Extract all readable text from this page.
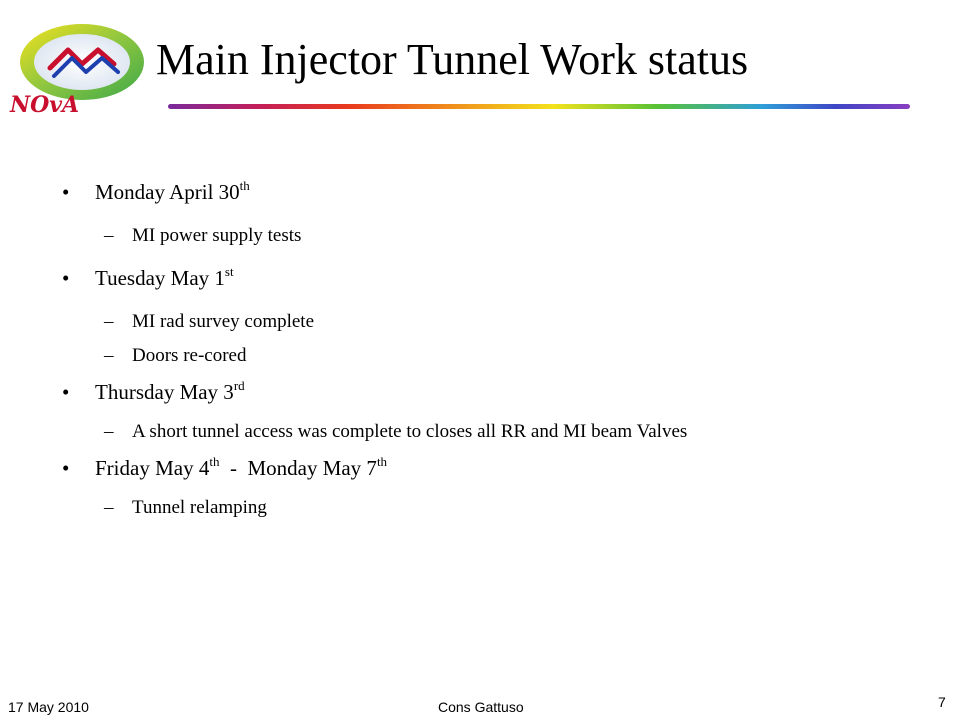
NOvA
Main Injector Tunnel Work status
• Monday April 30th
– MI power supply tests
• Tuesday May 1st
– MI rad survey complete
– Doors re-cored
• Thursday May 3rd
– A short tunnel access was complete to closes all RR and MI beam Valves
• Friday May 4th  -  Monday May 7th
– Tunnel relamping
17 May 2010	Cons Gattuso	7
